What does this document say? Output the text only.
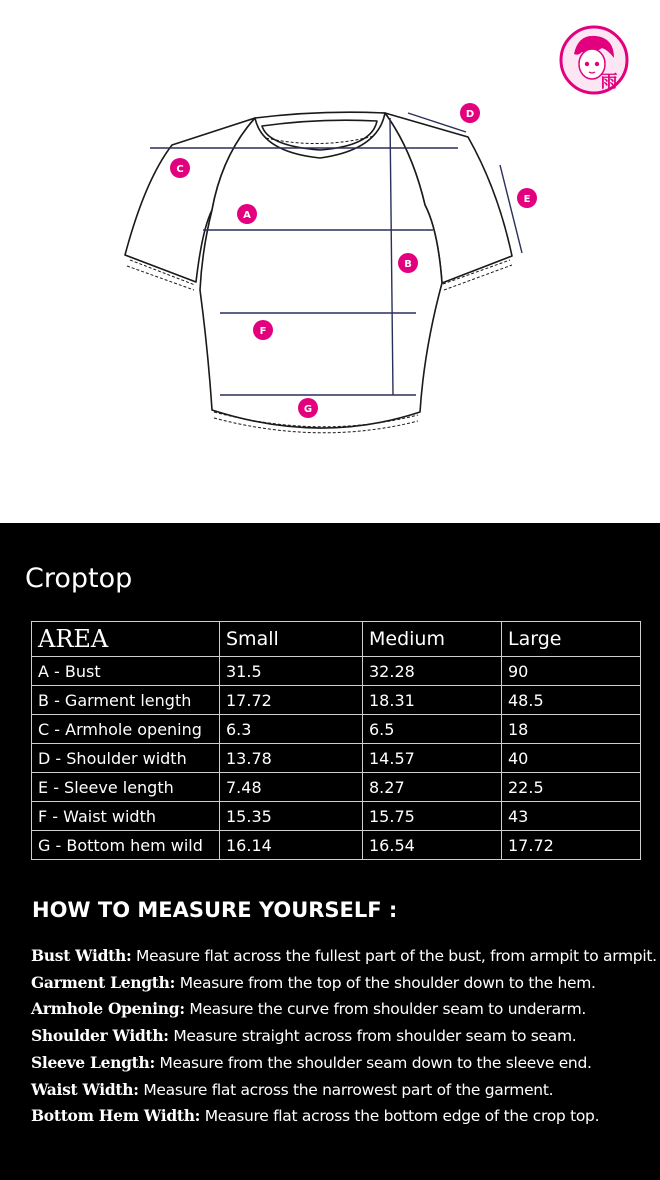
雨
A
B
C
D
E
F
G
Croptop
AREA	Small	Medium	Large
A - Bust	31.5	32.28	90
B - Garment length	17.72	18.31	48.5
C - Armhole opening	6.3	6.5	18
D - Shoulder width	13.78	14.57	40
E - Sleeve length	7.48	8.27	22.5
F - Waist width	15.35	15.75	43
G - Bottom hem wild	16.14	16.54	17.72
HOW TO MEASURE YOURSELF :
Bust Width: Measure flat across the fullest part of the bust, from armpit to armpit.
Garment Length: Measure from the top of the shoulder down to the hem.
Armhole Opening: Measure the curve from shoulder seam to underarm.
Shoulder Width: Measure straight across from shoulder seam to seam.
Sleeve Length: Measure from the shoulder seam down to the sleeve end.
Waist Width: Measure flat across the narrowest part of the garment.
Bottom Hem Width: Measure flat across the bottom edge of the crop top.
